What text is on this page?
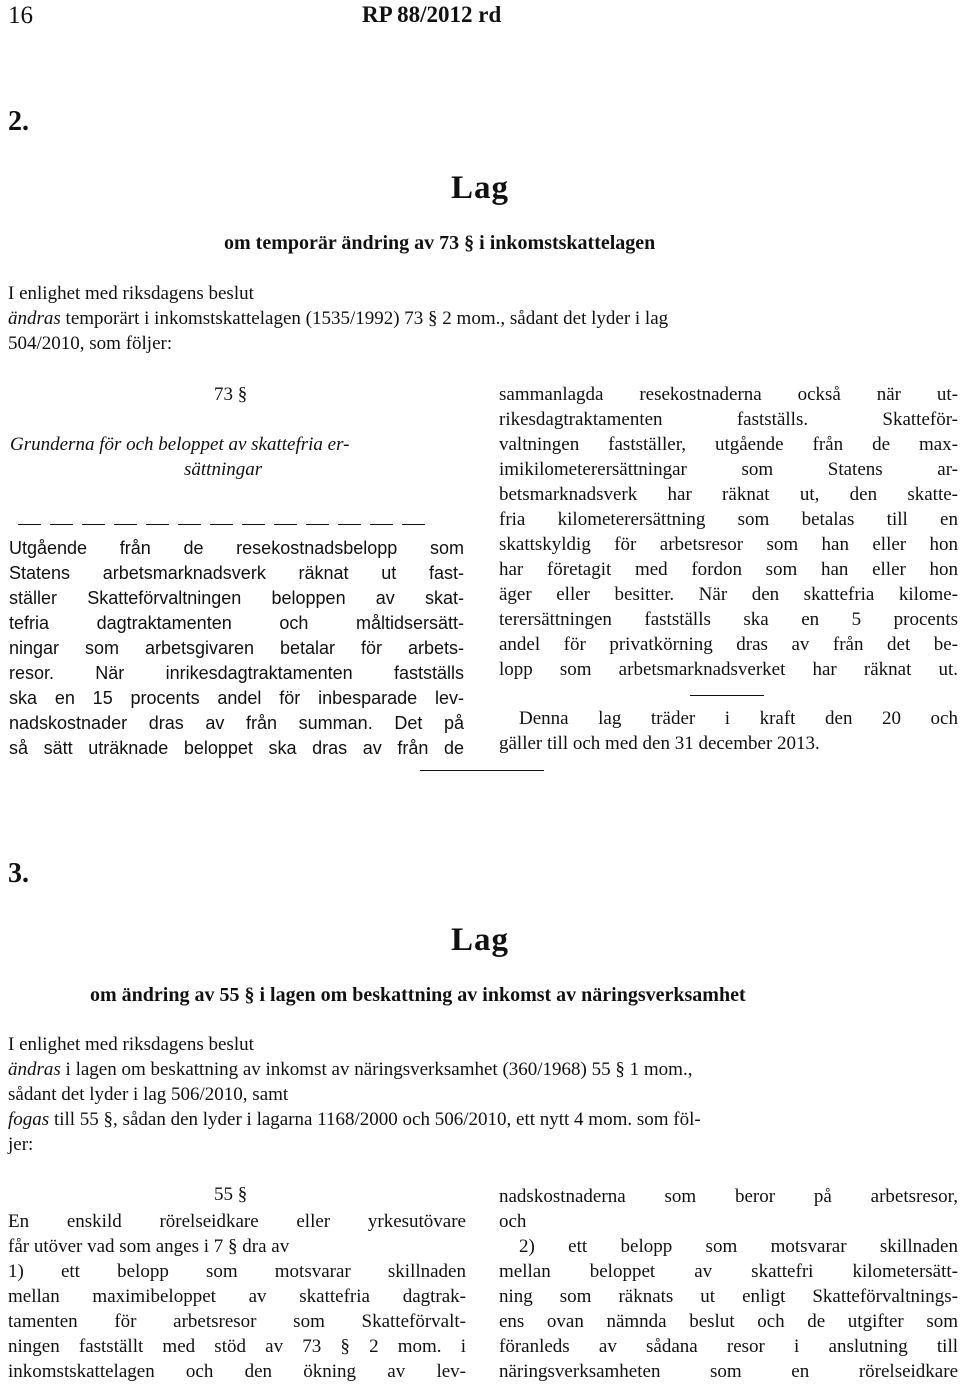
16	RP 88/2012 rd
2.
Lag
om temporär ändring av 73 § i inkomstskattelagen
I enlighet med riksdagens beslut
ändras temporärt i inkomstskattelagen (1535/1992) 73 § 2 mom., sådant det lyder i lag
504/2010, som följer:
73 §
Grunderna för och beloppet av skattefria er-
sättningar
Utgående från de resekostnadsbelopp som
Statens arbetsmarknadsverk räknat ut fast-
ställer Skatteförvaltningen beloppen av skat-
tefria dagtraktamenten och måltidsersätt-
ningar som arbetsgivaren betalar för arbets-
resor. När inrikesdagtraktamenten fastställs
ska en 15 procents andel för inbesparade lev-
nadskostnader dras av från summan. Det på
så sätt uträknade beloppet ska dras av från de
sammanlagda resekostnaderna också när ut-
rikesdagtraktamenten fastställs. Skatteför-
valtningen fastställer, utgående från de max-
imikilometerersättningar som Statens ar-
betsmarknadsverk har räknat ut, den skatte-
fria kilometerersättning som betalas till en
skattskyldig för arbetsresor som han eller hon
har företagit med fordon som han eller hon
äger eller besitter. När den skattefria kilome-
terersättningen fastställs ska en 5 procents
andel för privatkörning dras av från det be-
lopp som arbetsmarknadsverket har räknat ut.
Denna lag träder i kraft den 20 och
gäller till och med den 31 december 2013.
3.
Lag
om ändring av 55 § i lagen om beskattning av inkomst av näringsverksamhet
I enlighet med riksdagens beslut
ändras i lagen om beskattning av inkomst av näringsverksamhet (360/1968) 55 § 1 mom.,
sådant det lyder i lag 506/2010, samt
fogas till 55 §, sådan den lyder i lagarna 1168/2000 och 506/2010, ett nytt 4 mom. som föl-
jer:
55 §
En enskild rörelseidkare eller yrkesutövare
får utöver vad som anges i 7 § dra av
1) ett belopp som motsvarar skillnaden
mellan maximibeloppet av skattefria dagtrak-
tamenten för arbetsresor som Skatteförvalt-
ningen fastställt med stöd av 73 § 2 mom. i
inkomstskattelagen och den ökning av lev-
nadskostnaderna som beror på arbetsresor,
och
2) ett belopp som motsvarar skillnaden
mellan beloppet av skattefri kilometersätt-
ning som räknats ut enligt Skatteförvaltnings-
ens ovan nämnda beslut och de utgifter som
föranleds av sådana resor i anslutning till
näringsverksamheten som en rörelseidkare
